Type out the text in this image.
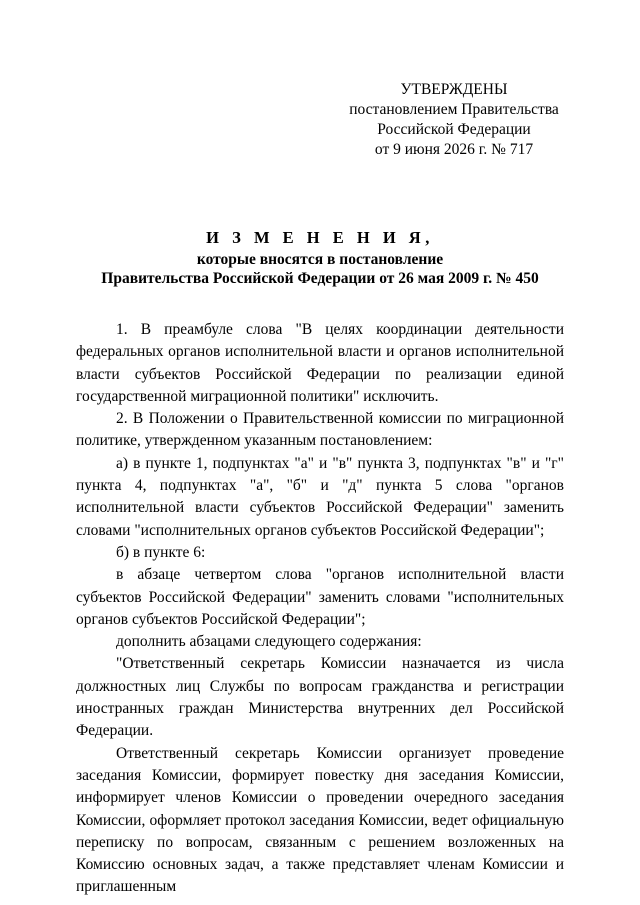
УТВЕРЖДЕНЫ
постановлением Правительства
Российской Федерации
от 9 июня 2026 г. № 717
И З М Е Н Е Н И Я,
которые вносятся в постановление
Правительства Российской Федерации от 26 мая 2009 г. № 450

1. В преамбуле слова "В целях координации деятельности федеральных органов исполнительной власти и органов исполнительной власти субъектов Российской Федерации по реализации единой государственной миграционной политики" исключить.

2. В Положении о Правительственной комиссии по миграционной политике, утвержденном указанным постановлением:

а) в пункте 1, подпунктах "а" и "в" пункта 3, подпунктах "в" и "г" пункта 4, подпунктах "а", "б" и "д" пункта 5 слова "органов исполнительной власти субъектов Российской Федерации" заменить словами "исполнительных органов субъектов Российской Федерации";

б) в пункте 6:

в абзаце четвертом слова "органов исполнительной власти субъектов Российской Федерации" заменить словами "исполнительных органов субъектов Российской Федерации";

дополнить абзацами следующего содержания:

"Ответственный секретарь Комиссии назначается из числа должностных лиц Службы по вопросам гражданства и регистрации иностранных граждан Министерства внутренних дел Российской Федерации.

Ответственный секретарь Комиссии организует проведение заседания Комиссии, формирует повестку дня заседания Комиссии, информирует членов Комиссии о проведении очередного заседания Комиссии, оформляет протокол заседания Комиссии, ведет официальную переписку по вопросам, связанным с решением возложенных на Комиссию основных задач, а также представляет членам Комиссии и приглашенным
